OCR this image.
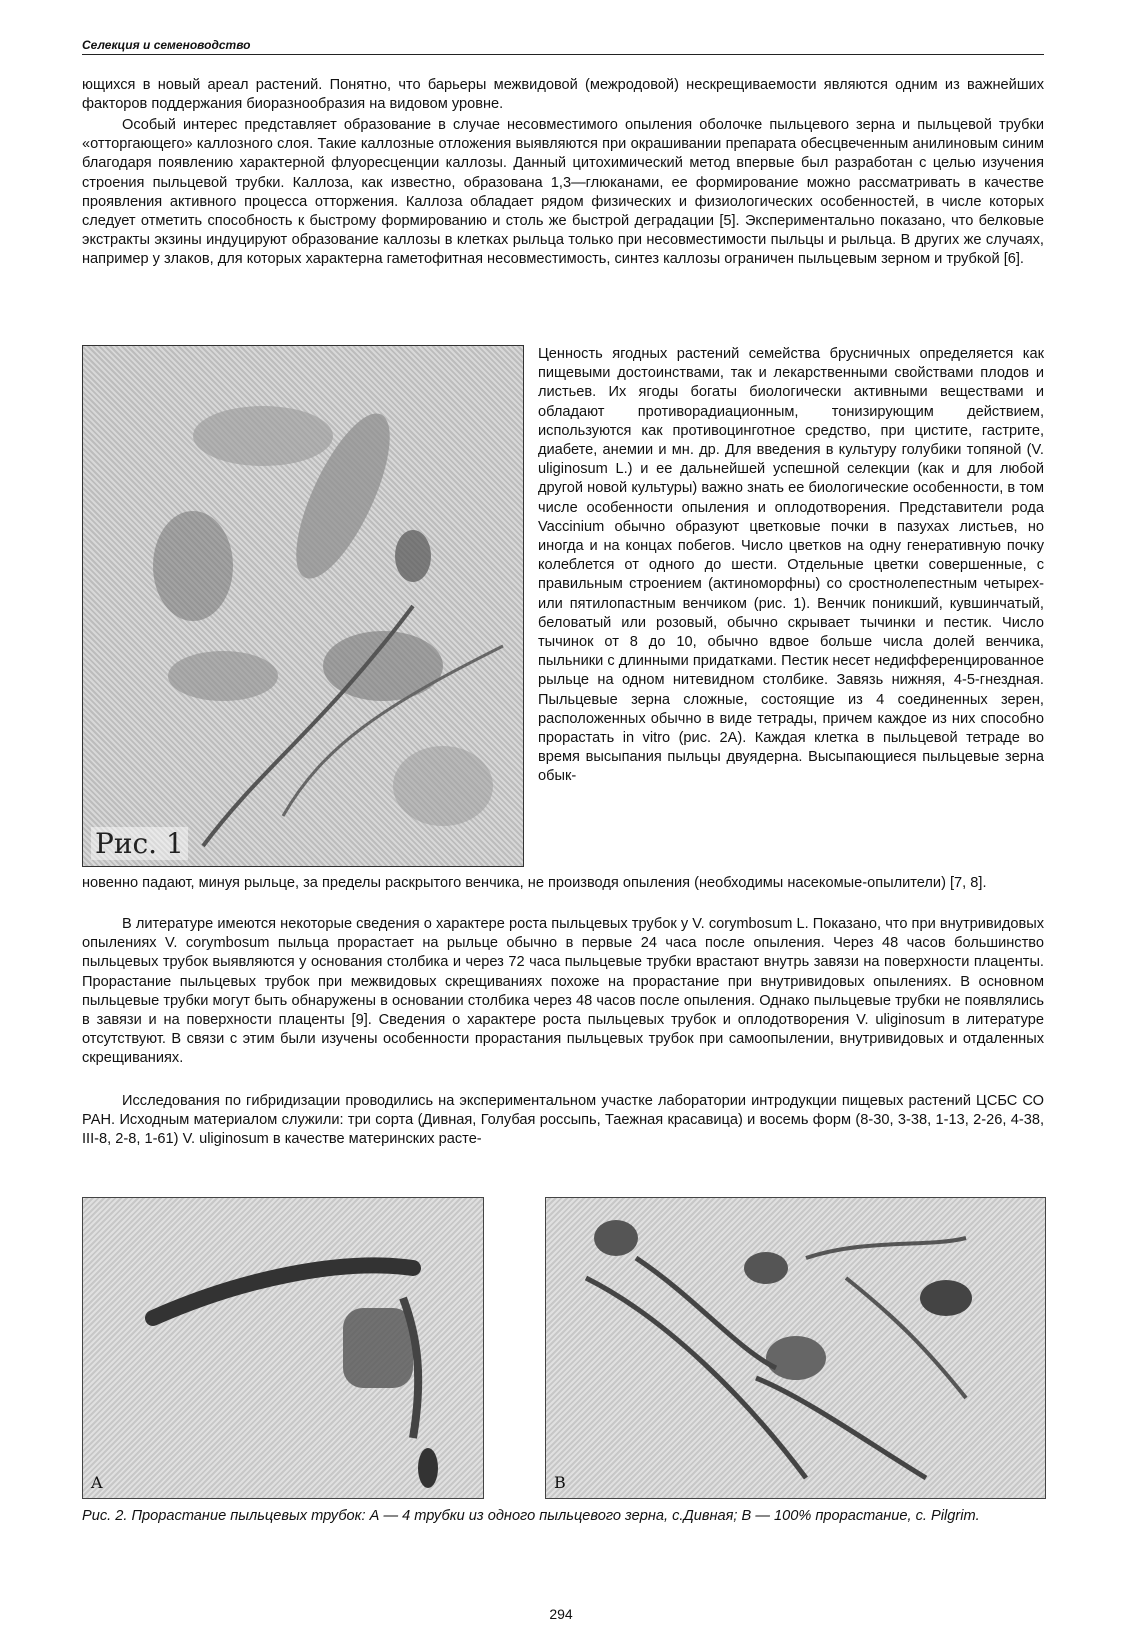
Селекция и семеноводство

ющихся в новый ареал растений. Понятно, что барьеры межвидовой (межродовой) нескрещиваемости являются одним из важнейших факторов поддержания биоразнообразия на видовом уровне.

Особый интерес представляет образование в случае несовместимого опыления оболочке пыльцевого зерна и пыльцевой трубки «отторгающего» каллозного слоя. Такие каллозные отложения выявляются при окрашивании препарата обесцвеченным анилиновым синим благодаря появлению характерной флуоресценции каллозы. Данный цитохимический метод впервые был разработан с целью изучения строения пыльцевой трубки. Каллоза, как известно, образована 1,3—глюканами, ее формирование можно рассматривать в качестве проявления активного процесса отторжения. Каллоза обладает рядом физических и физиологических особенностей, в числе которых следует отметить способность к быстрому формированию и столь же быстрой деградации [5]. Экспериментально показано, что белковые экстракты экзины индуцируют образование каллозы в клетках рыльца только при несовместимости пыльцы и рыльца. В других же случаях, например у злаков, для которых характерна гаметофитная несовместимость, синтез каллозы ограничен пыльцевым зерном и трубкой [6].

Рис. 1

Ценность ягодных растений семейства брусничных определяется как пищевыми достоинствами, так и лекарственными свойствами плодов и листьев. Их ягоды богаты биологически активными веществами и обладают противорадиационным, тонизирующим действием, используются как противоцинготное средство, при цистите, гастрите, диабете, анемии и мн. др. Для введения в культуру голубики топяной (V. uliginosum L.) и ее дальнейшей успешной селекции (как и для любой другой новой культуры) важно знать ее биологические особенности, в том числе особенности опыления и оплодотворения. Представители рода Vaccinium обычно образуют цветковые почки в пазухах листьев, но иногда и на концах побегов. Число цветков на одну генеративную почку колеблется от одного до шести. Отдельные цветки совершенные, с правильным строением (актиноморфны) со сростнолепестным четырех- или пятилопастным венчиком (рис. 1). Венчик поникший, кувшинчатый, беловатый или розовый, обычно скрывает тычинки и пестик. Число тычинок от 8 до 10, обычно вдвое больше числа долей венчика, пыльники с длинными придатками. Пестик несет недифференцированное рыльце на одном нитевидном столбике. Завязь нижняя, 4-5-гнездная. Пыльцевые зерна сложные, состоящие из 4 соединенных зерен, расположенных обычно в виде тетрады, причем каждое из них способно прорастать in vitro (рис. 2A). Каждая клетка в пыльцевой тетраде во время высыпания пыльцы двуядерна. Высыпающиеся пыльцевые зерна обык-

новенно падают, минуя рыльце, за пределы раскрытого венчика, не производя опыления (необходимы насекомые-опылители) [7, 8].

В литературе имеются некоторые сведения о характере роста пыльцевых трубок у V. corymbosum L. Показано, что при внутривидовых опылениях V. corymbosum пыльца прорастает на рыльце обычно в первые 24 часа после опыления. Через 48 часов большинство пыльцевых трубок выявляются у основания столбика и через 72 часа пыльцевые трубки врастают внутрь завязи на поверхности плаценты. Прорастание пыльцевых трубок при межвидовых скрещиваниях похоже на прорастание при внутривидовых опылениях. В основном пыльцевые трубки могут быть обнаружены в основании столбика через 48 часов после опыления. Однако пыльцевые трубки не появлялись в завязи и на поверхности плаценты [9]. Сведения о характере роста пыльцевых трубок и оплодотворения V. uliginosum в литературе отсутствуют. В связи с этим были изучены особенности прорастания пыльцевых трубок при самоопылении, внутривидовых и отдаленных скрещиваниях.

Исследования по гибридизации проводились на экспериментальном участке лаборатории интродукции пищевых растений ЦСБС СО РАН. Исходным материалом служили: три сорта (Дивная, Голубая россыпь, Таежная красавица) и восемь форм (8-30, 3-38, 1-13, 2-26, 4-38, III-8, 2-8, 1-61) V. uliginosum в качестве материнских расте-

A	B
Рис. 2. Прорастание пыльцевых трубок: А — 4 трубки из одного пыльцевого зерна, с.Дивная; В — 100% прорастание, с. Pilgrim.
294
